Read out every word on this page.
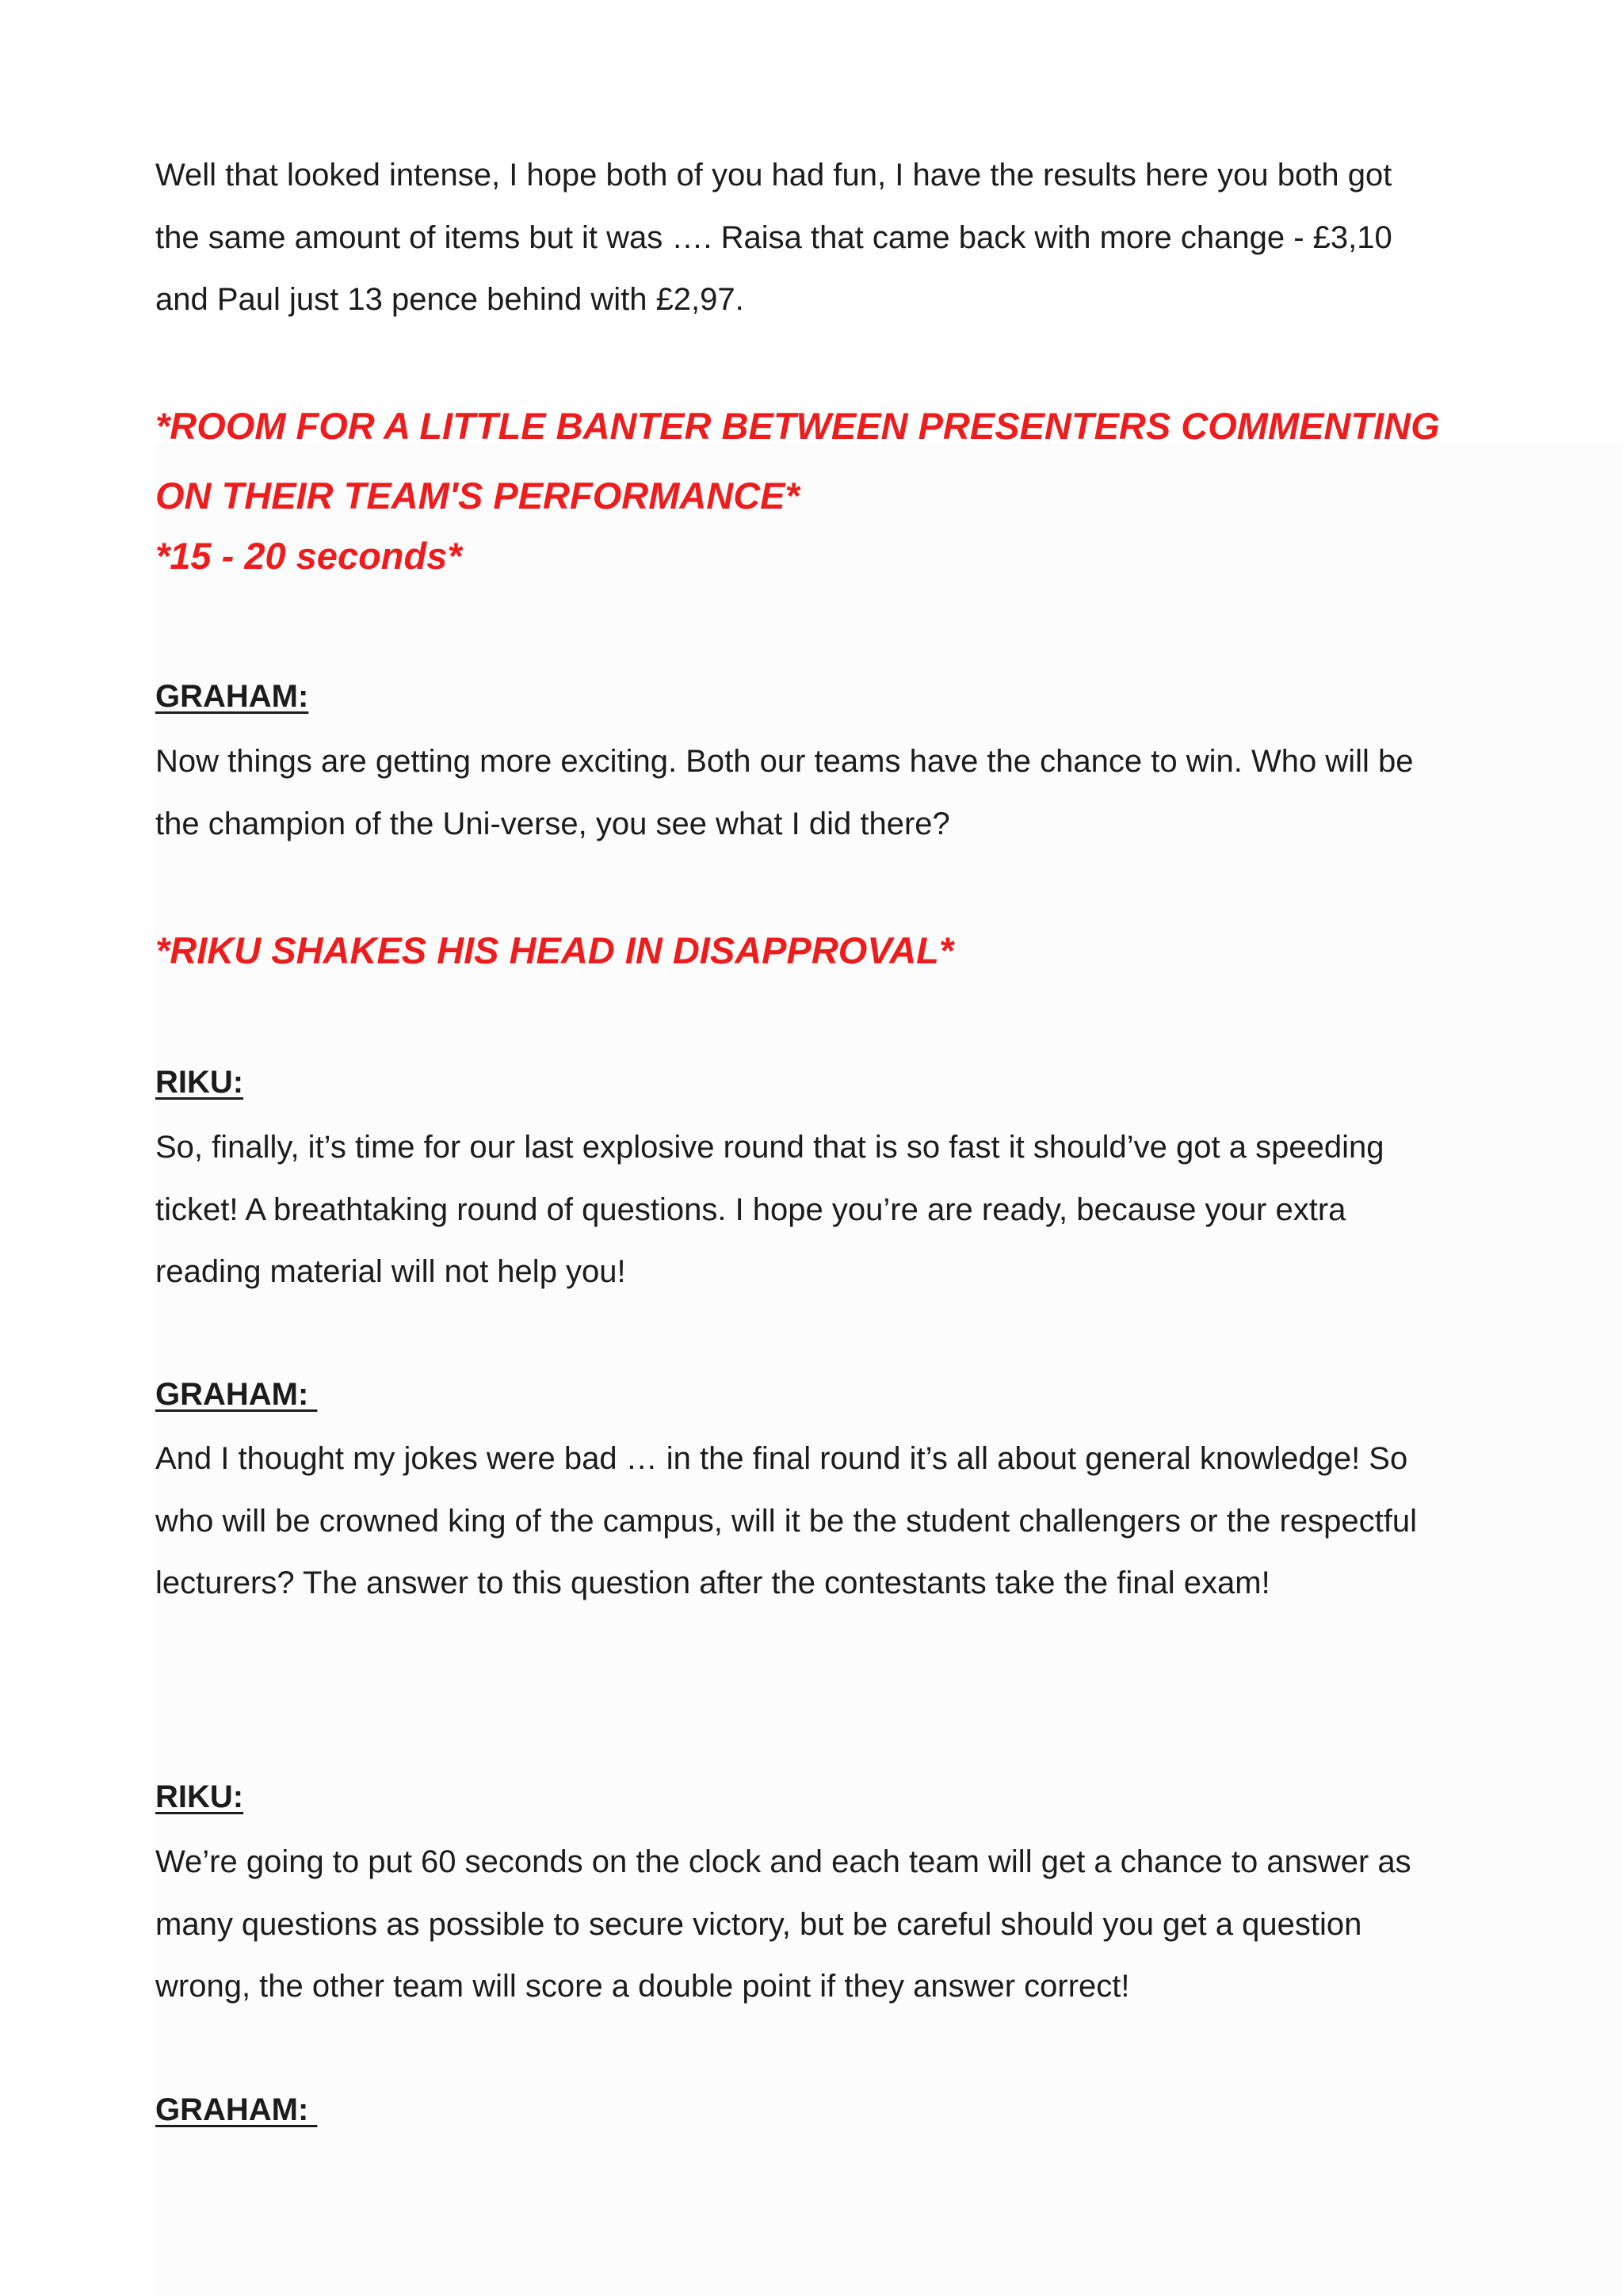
Well that looked intense, I hope both of you had fun, I have the results here you both got
the same amount of items but it was …. Raisa that came back with more change - £3,10
and Paul just 13 pence behind with £2,97.
*ROOM FOR A LITTLE BANTER BETWEEN PRESENTERS COMMENTING
ON THEIR TEAM'S PERFORMANCE*
*15 - 20 seconds*
GRAHAM:
Now things are getting more exciting. Both our teams have the chance to win. Who will be
the champion of the Uni-verse, you see what I did there?
*RIKU SHAKES HIS HEAD IN DISAPPROVAL*
RIKU:
So, finally, it’s time for our last explosive round that is so fast it should’ve got a speeding
ticket! A breathtaking round of questions. I hope you’re are ready, because your extra
reading material will not help you!
GRAHAM:
And I thought my jokes were bad … in the final round it’s all about general knowledge! So
who will be crowned king of the campus, will it be the student challengers or the respectful
lecturers? The answer to this question after the contestants take the final exam!
RIKU:
We’re going to put 60 seconds on the clock and each team will get a chance to answer as
many questions as possible to secure victory, but be careful should you get a question
wrong, the other team will score a double point if they answer correct!
GRAHAM:
